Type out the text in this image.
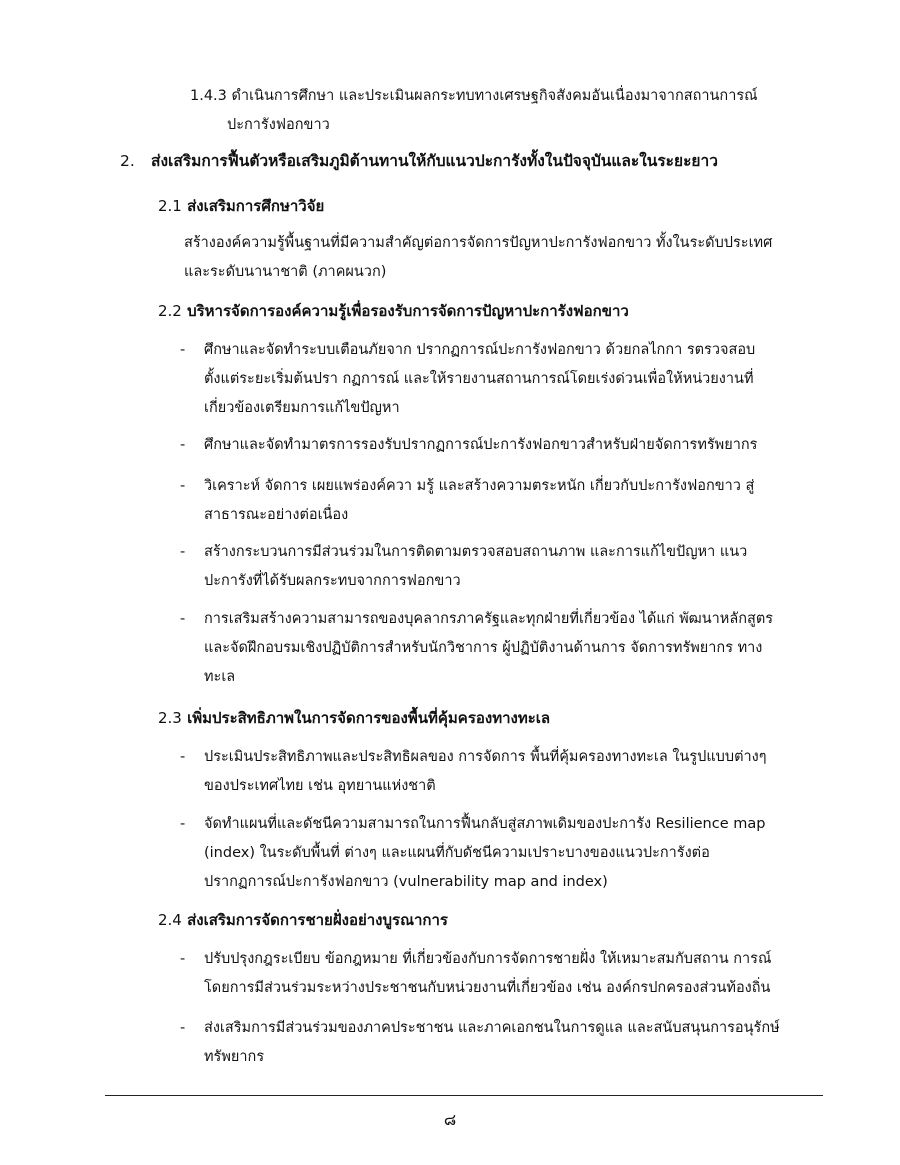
1.4.3 ดำเนินการศึกษา และประเมินผลกระทบทางเศรษฐกิจสังคมอันเนื่องมาจากสถานการณ์
ปะการังฟอกขาว
2. ส่งเสริมการฟื้นตัวหรือเสริมภูมิต้านทานให้กับแนวปะการังทั้งในปัจจุบันและในระยะยาว
2.1 ส่งเสริมการศึกษาวิจัย
สร้างองค์ความรู้พื้นฐานที่มีความสำคัญต่อการจัดการปัญหาปะการังฟอกขาว ทั้งในระดับประเทศ
และระดับนานาชาติ (ภาคผนวก)
2.2 บริหารจัดการองค์ความรู้เพื่อรองรับการจัดการปัญหาปะการังฟอกขาว
- ศึกษาและจัดทำระบบเตือนภัยจาก ปรากฏการณ์ปะการังฟอกขาว ด้วยกลไกกา รตรวจสอบ
ตั้งแต่ระยะเริ่มต้นปรา กฏการณ์ และให้รายงานสถานการณ์โดยเร่งด่วนเพื่อให้หน่วยงานที่
เกี่ยวข้องเตรียมการแก้ไขปัญหา
- ศึกษาและจัดทำมาตรการรองรับปรากฏการณ์ปะการังฟอกขาวสำหรับฝ่ายจัดการทรัพยากร
- วิเคราะห์ จัดการ เผยแพร่องค์ควา มรู้ และสร้างความตระหนัก เกี่ยวกับปะการังฟอกขาว สู่
สาธารณะอย่างต่อเนื่อง
- สร้างกระบวนการมีส่วนร่วมในการติดตามตรวจสอบสถานภาพ และการแก้ไขปัญหา แนว
ปะการังที่ได้รับผลกระทบจากการฟอกขาว
- การเสริมสร้างความสามารถของบุคลากรภาครัฐและทุกฝ่ายที่เกี่ยวข้อง ได้แก่ พัฒนาหลักสูตร
และจัดฝึกอบรมเชิงปฏิบัติการสำหรับนักวิชาการ ผู้ปฏิบัติงานด้านการ จัดการทรัพยากร ทาง
ทะเล
2.3 เพิ่มประสิทธิภาพในการจัดการของพื้นที่คุ้มครองทางทะเล
- ประเมินประสิทธิภาพและประสิทธิผลของ การจัดการ พื้นที่คุ้มครองทางทะเล ในรูปแบบต่างๆ
ของประเทศไทย เช่น อุทยานแห่งชาติ
- จัดทำแผนที่และดัชนีความสามารถในการฟื้นกลับสู่สภาพเดิมของปะการัง Resilience map
(index) ในระดับพื้นที่ ต่างๆ และแผนที่กับดัชนีความเปราะบางของแนวปะการังต่อ
ปรากฏการณ์ปะการังฟอกขาว (vulnerability map and index)
2.4 ส่งเสริมการจัดการชายฝั่งอย่างบูรณาการ
- ปรับปรุงกฎระเบียบ ข้อกฎหมาย ที่เกี่ยวข้องกับการจัดการชายฝั่ง ให้เหมาะสมกับสถาน การณ์
โดยการมีส่วนร่วมระหว่างประชาชนกับหน่วยงานที่เกี่ยวข้อง เช่น องค์กรปกครองส่วนท้องถิ่น
- ส่งเสริมการมีส่วนร่วมของภาคประชาชน และภาคเอกชนในการดูแล และสนับสนุนการอนุรักษ์
ทรัพยากร
๘
